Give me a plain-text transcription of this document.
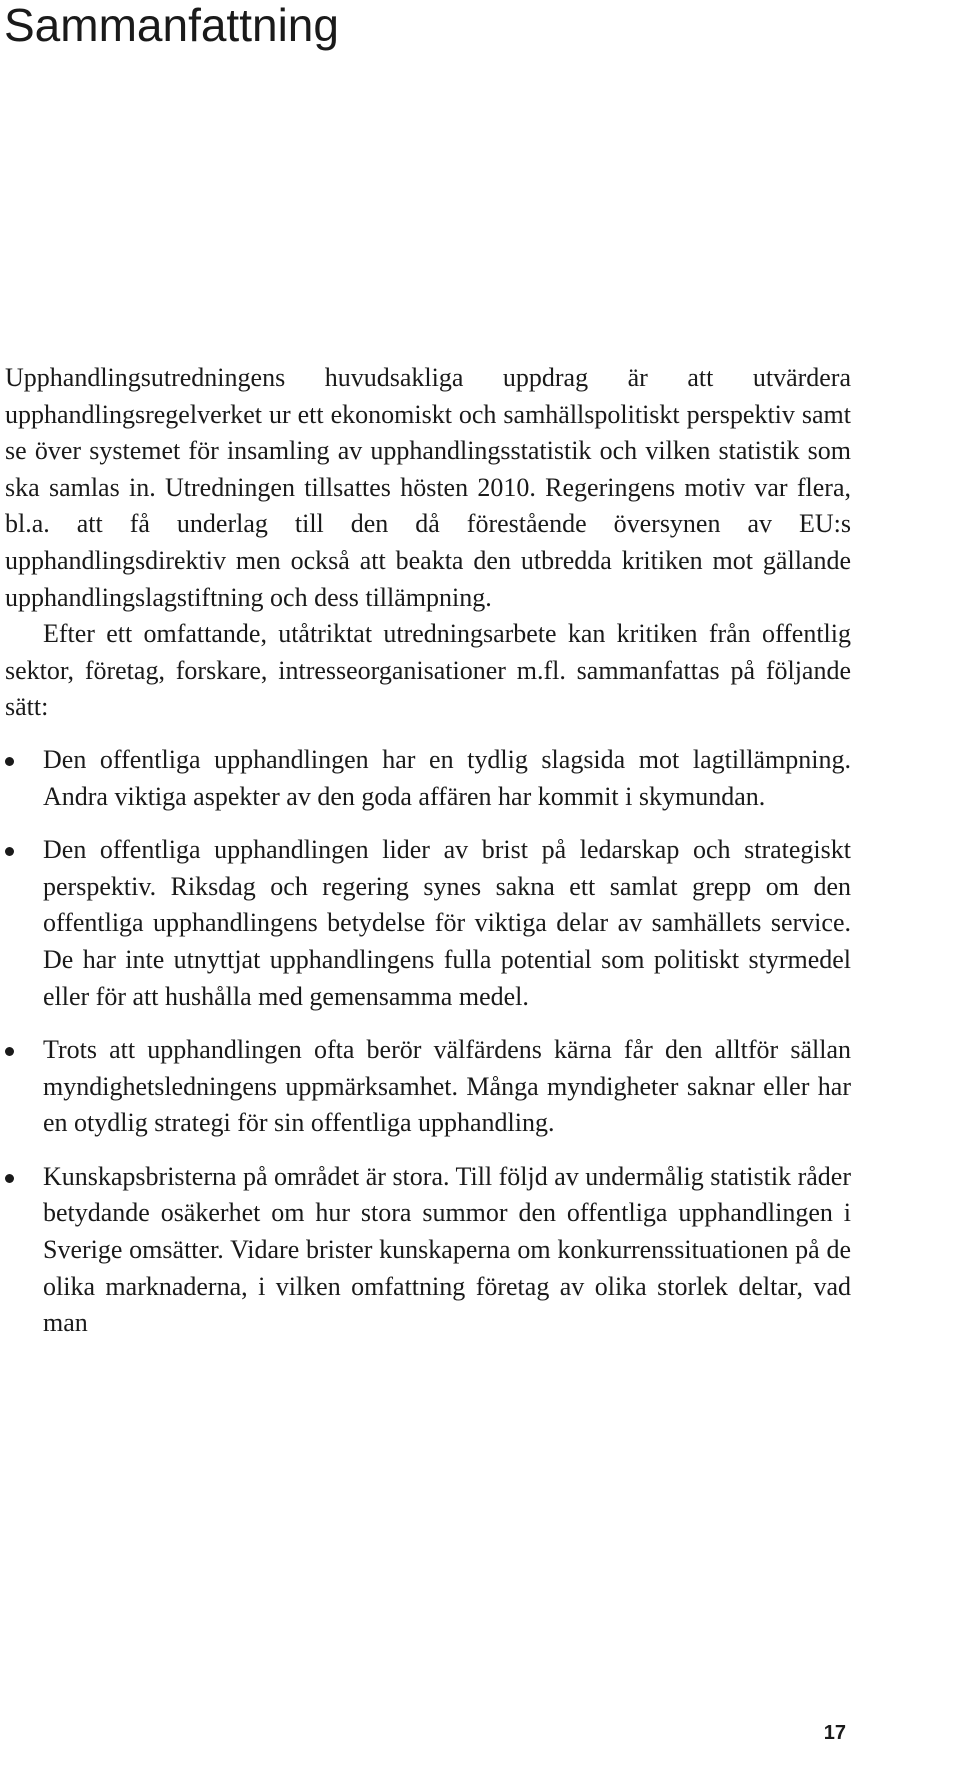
Sammanfattning

Upphandlingsutredningens huvudsakliga uppdrag är att utvärdera upphandlingsregelverket ur ett ekonomiskt och samhällspolitiskt perspektiv samt se över systemet för insamling av upphandlingsstatistik och vilken statistik som ska samlas in. Utredningen tillsattes hösten 2010. Regeringens motiv var flera, bl.a. att få underlag till den då förestående översynen av EU:s upphandlingsdirektiv men också att beakta den utbredda kritiken mot gällande upphandlingslagstiftning och dess tillämpning.

Efter ett omfattande, utåtriktat utredningsarbete kan kritiken från offentlig sektor, företag, forskare, intresseorganisationer m.fl. sammanfattas på följande sätt:

Den offentliga upphandlingen har en tydlig slagsida mot lagtillämpning. Andra viktiga aspekter av den goda affären har kommit i skymundan.
Den offentliga upphandlingen lider av brist på ledarskap och strategiskt perspektiv. Riksdag och regering synes sakna ett samlat grepp om den offentliga upphandlingens betydelse för viktiga delar av samhällets service. De har inte utnyttjat upphandlingens fulla potential som politiskt styrmedel eller för att hushålla med gemensamma medel.
Trots att upphandlingen ofta berör välfärdens kärna får den alltför sällan myndighetsledningens uppmärksamhet. Många myndigheter saknar eller har en otydlig strategi för sin offentliga upphandling.
Kunskapsbristerna på området är stora. Till följd av undermålig statistik råder betydande osäkerhet om hur stora summor den offentliga upphandlingen i Sverige omsätter. Vidare brister kunskaperna om konkurrenssituationen på de olika marknaderna, i vilken omfattning företag av olika storlek deltar, vad man
17
